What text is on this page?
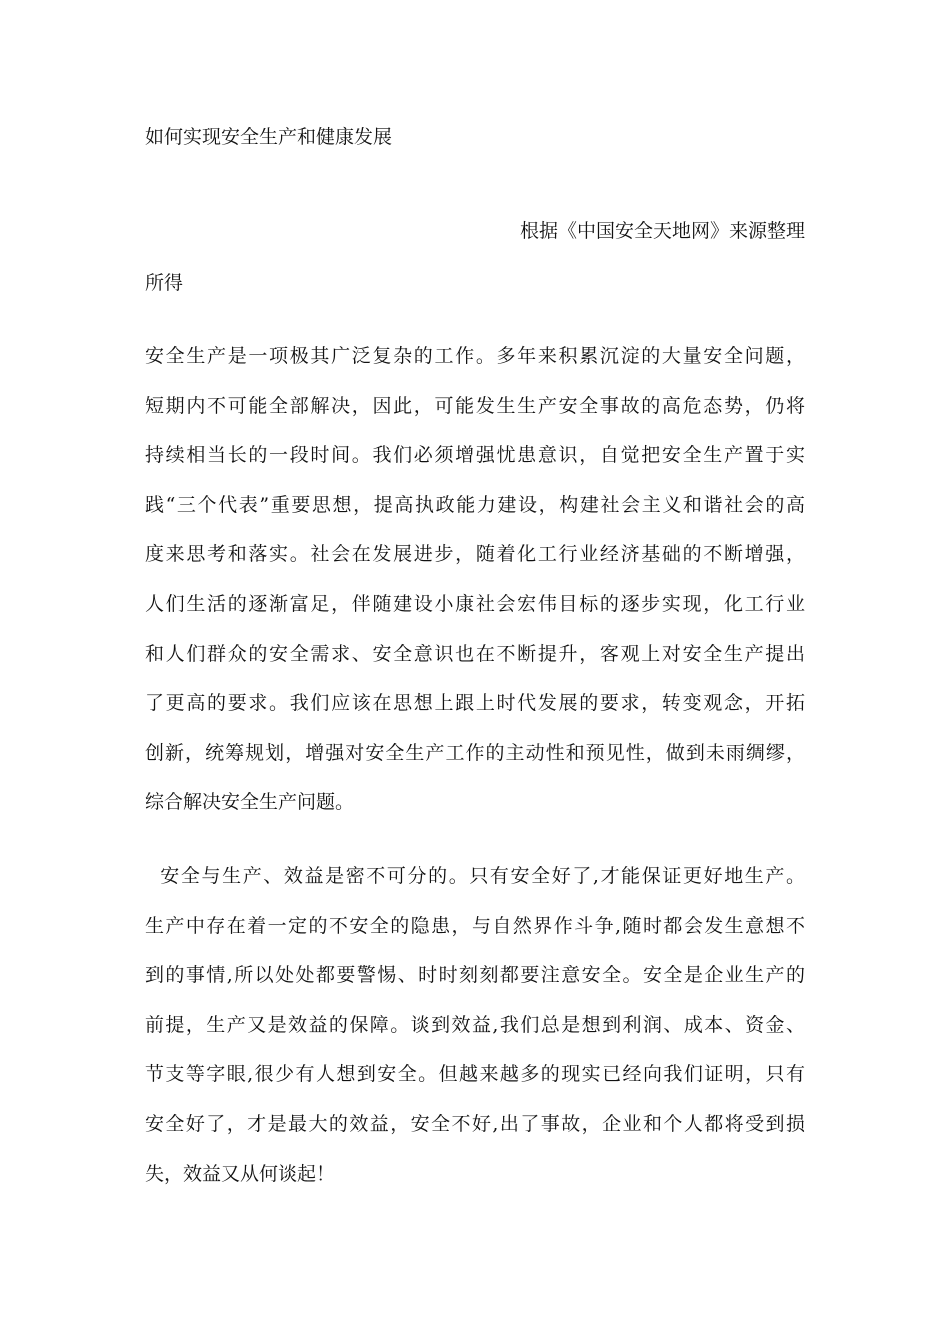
如何实现安全生产和健康发展
根据《中国安全天地网》来源整理
所得
安全生产是一项极其广泛复杂的工作。多年来积累沉淀的大量安全问题，
短期内不可能全部解决，因此，可能发生生产安全事故的高危态势，仍将
持续相当长的一段时间。我们必须增强忧患意识，自觉把安全生产置于实
践“三个代表”重要思想，提高执政能力建设，构建社会主义和谐社会的高
度来思考和落实。社会在发展进步，随着化工行业经济基础的不断增强，
人们生活的逐渐富足，伴随建设小康社会宏伟目标的逐步实现，化工行业
和人们群众的安全需求、安全意识也在不断提升，客观上对安全生产提出
了更高的要求。我们应该在思想上跟上时代发展的要求，转变观念，开拓
创新，统筹规划，增强对安全生产工作的主动性和预见性，做到未雨绸缪，
综合解决安全生产问题。
安全与生产、效益是密不可分的。只有安全好了,才能保证更好地生产。
生产中存在着一定的不安全的隐患，与自然界作斗争,随时都会发生意想不
到的事情,所以处处都要警惕、时时刻刻都要注意安全。安全是企业生产的
前提，生产又是效益的保障。谈到效益,我们总是想到利润、成本、资金、
节支等字眼,很少有人想到安全。但越来越多的现实已经向我们证明，只有
安全好了，才是最大的效益，安全不好,出了事故，企业和个人都将受到损
失，效益又从何谈起！
